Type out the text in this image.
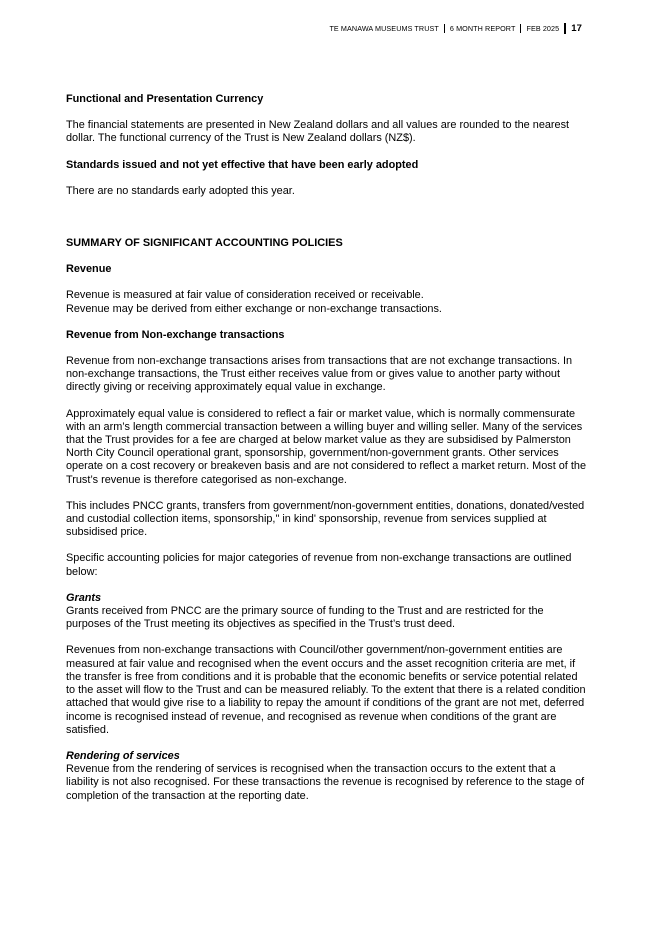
TE MANAWA MUSEUMS TRUST 6 MONTH REPORT FEB 2025 17

Functional and Presentation Currency

The financial statements are presented in New Zealand dollars and all values are rounded to the nearest dollar. The functional currency of the Trust is New Zealand dollars (NZ$).

Standards issued and not yet effective that have been early adopted

There are no standards early adopted this year.

SUMMARY OF SIGNIFICANT ACCOUNTING POLICIES

Revenue

Revenue is measured at fair value of consideration received or receivable.

Revenue may be derived from either exchange or non-exchange transactions.

Revenue from Non-exchange transactions

Revenue from non-exchange transactions arises from transactions that are not exchange transactions. In non-exchange transactions, the Trust either receives value from or gives value to another party without directly giving or receiving approximately equal value in exchange.

Approximately equal value is considered to reflect a fair or market value, which is normally commensurate with an arm’s length commercial transaction between a willing buyer and willing seller. Many of the services that the Trust provides for a fee are charged at below market value as they are subsidised by Palmerston North City Council operational grant, sponsorship, government/non-government grants. Other services operate on a cost recovery or breakeven basis and are not considered to reflect a market return. Most of the Trust’s revenue is therefore categorised as non-exchange.

This includes PNCC grants, transfers from government/non-government entities, donations, donated/vested and custodial collection items, sponsorship," in kind' sponsorship, revenue from services supplied at subsidised price.

Specific accounting policies for major categories of revenue from non-exchange transactions are outlined below:

Grants

Grants received from PNCC are the primary source of funding to the Trust and are restricted for the purposes of the Trust meeting its objectives as specified in the Trust’s trust deed.

Revenues from non-exchange transactions with Council/other government/non-government entities are measured at fair value and recognised when the event occurs and the asset recognition criteria are met, if the transfer is free from conditions and it is probable that the economic benefits or service potential related to the asset will flow to the Trust and can be measured reliably. To the extent that there is a related condition attached that would give rise to a liability to repay the amount if conditions of the grant are not met, deferred income is recognised instead of revenue, and recognised as revenue when conditions of the grant are satisfied.

Rendering of services

Revenue from the rendering of services is recognised when the transaction occurs to the extent that a liability is not also recognised. For these transactions the revenue is recognised by reference to the stage of completion of the transaction at the reporting date.
